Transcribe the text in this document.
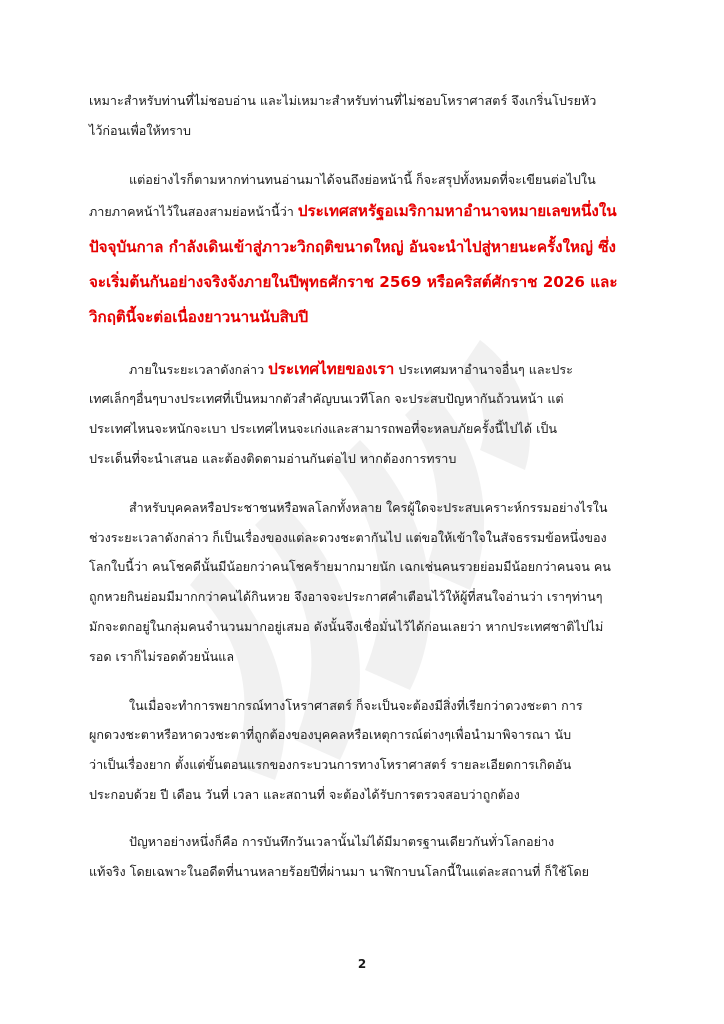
เหมาะสำหรับท่านที่ไม่ชอบอ่าน และไม่เหมาะสำหรับท่านที่ไม่ชอบโหราศาสตร์ จึงเกริ่นโปรยหัว
ไว้ก่อนเพื่อให้ทราบ

แต่อย่างไรก็ตามหากท่านทนอ่านมาได้จนถึงย่อหน้านี้ ก็จะสรุปทั้งหมดที่จะเขียนต่อไปใน
ภายภาคหน้าไว้ในสองสามย่อหน้านี้ว่า ประเทศสหรัฐอเมริกามหาอำนาจหมายเลขหนึ่งใน
ปัจจุบันกาล กำลังเดินเข้าสู่ภาวะวิกฤติขนาดใหญ่ อันจะนำไปสู่หายนะครั้งใหญ่ ซึ่ง
จะเริ่มต้นกันอย่างจริงจังภายในปีพุทธศักราช 2569 หรือคริสต์ศักราช 2026 และ
วิกฤตินี้จะต่อเนื่องยาวนานนับสิบปี

ภายในระยะเวลาดังกล่าว ประเทศไทยของเรา ประเทศมหาอำนาจอื่นๆ และประ
เทศเล็กๆอื่นๆบางประเทศที่เป็นหมากตัวสำคัญบนเวทีโลก จะประสบปัญหากันถ้วนหน้า แต่
ประเทศไหนจะหนักจะเบา ประเทศไหนจะเก่งและสามารถพอที่จะหลบภัยครั้งนี้ไปได้ เป็น
ประเด็นที่จะนำเสนอ และต้องติดตามอ่านกันต่อไป หากต้องการทราบ

สำหรับบุคคลหรือประชาชนหรือพลโลกทั้งหลาย ใครผู้ใดจะประสบเคราะห์กรรมอย่างไรใน
ช่วงระยะเวลาดังกล่าว ก็เป็นเรื่องของแต่ละดวงชะตากันไป แต่ขอให้เข้าใจในสัจธรรมข้อหนึ่งของ
โลกใบนี้ว่า คนโชคดีนั้นมีน้อยกว่าคนโชคร้ายมากมายนัก เฉกเช่นคนรวยย่อมมีน้อยกว่าคนจน คน
ถูกหวยกินย่อมมีมากกว่าคนได้กินหวย จึงอาจจะประกาศคำเตือนไว้ให้ผู้ที่สนใจอ่านว่า เราๆท่านๆ
มักจะตกอยู่ในกลุ่มคนจำนวนมากอยู่เสมอ ดังนั้นจึงเชื่อมั่นไว้ได้ก่อนเลยว่า หากประเทศชาติไปไม่
รอด เราก็ไม่รอดด้วยนั่นแล

ในเมื่อจะทำการพยากรณ์ทางโหราศาสตร์ ก็จะเป็นจะต้องมีสิ่งที่เรียกว่าดวงชะตา การ
ผูกดวงชะตาหรือหาดวงชะตาที่ถูกต้องของบุคคลหรือเหตุการณ์ต่างๆเพื่อนำมาพิจารณา นับ
ว่าเป็นเรื่องยาก ตั้งแต่ขั้นตอนแรกของกระบวนการทางโหราศาสตร์ รายละเอียดการเกิดอัน
ประกอบด้วย ปี เดือน วันที่ เวลา และสถานที่ จะต้องได้รับการตรวจสอบว่าถูกต้อง

ปัญหาอย่างหนึ่งก็คือ การบันทึกวันเวลานั้นไม่ได้มีมาตรฐานเดียวกันทั่วโลกอย่าง
แท้จริง โดยเฉพาะในอดีตที่นานหลายร้อยปีที่ผ่านมา นาฬิกาบนโลกนี้ในแต่ละสถานที่ ก็ใช้โดย

2
